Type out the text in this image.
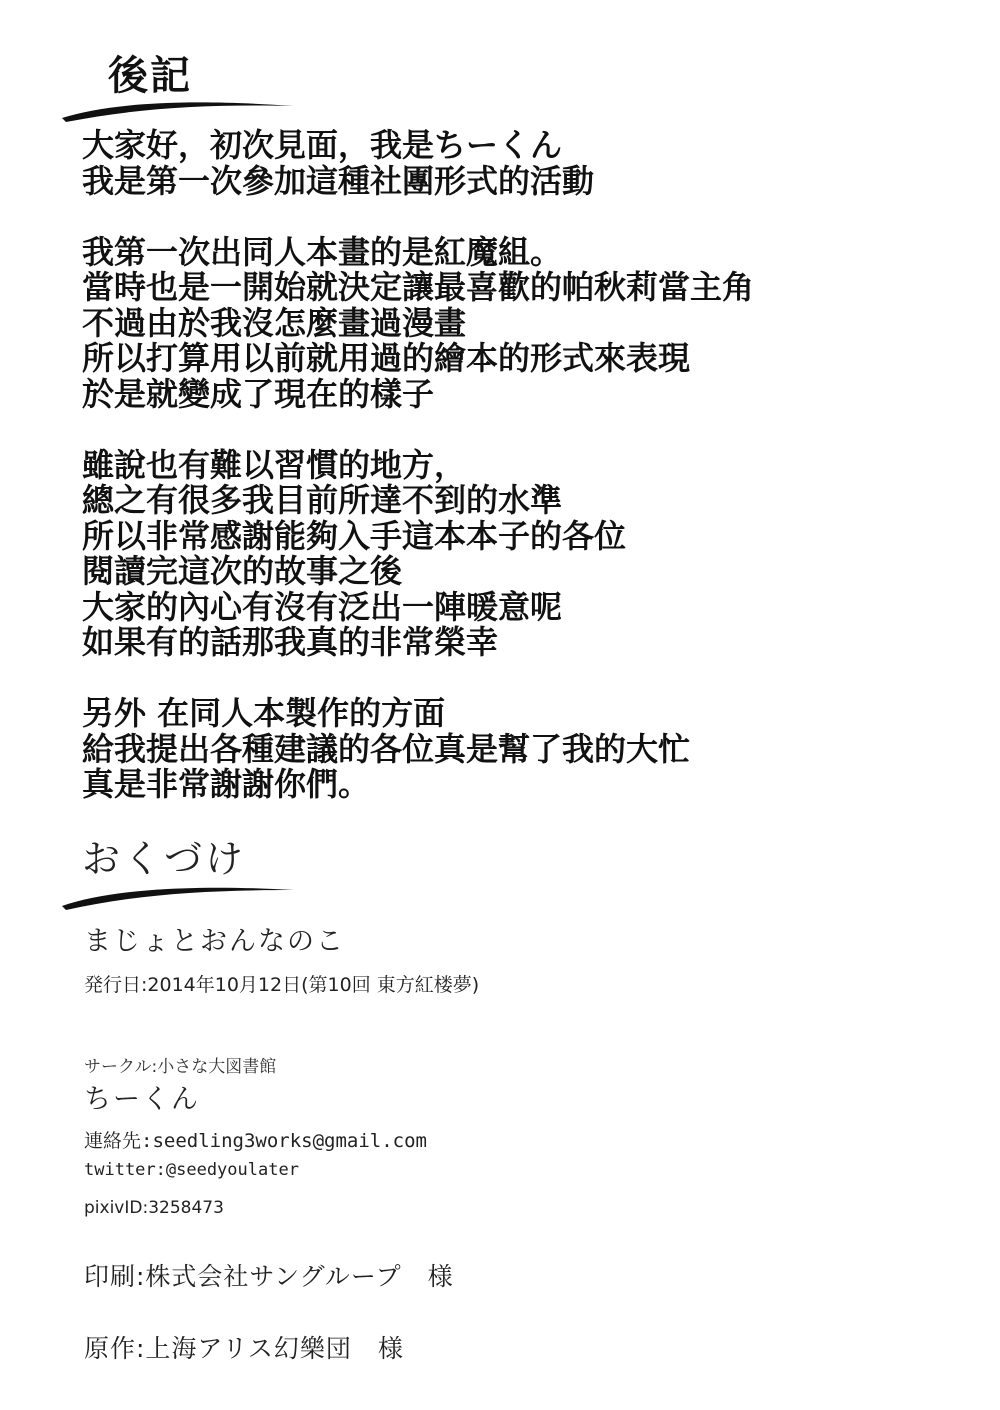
後記
大家好，初次見面，我是ちーくん
我是第一次參加這種社團形式的活動
我第一次出同人本畫的是紅魔組。
當時也是一開始就決定讓最喜歡的帕秋莉當主角
不過由於我沒怎麼畫過漫畫
所以打算用以前就用過的繪本的形式來表現
於是就變成了現在的樣子
雖說也有難以習慣的地方，
總之有很多我目前所達不到的水準
所以非常感謝能夠入手這本本子的各位
閱讀完這次的故事之後
大家的內心有沒有泛出一陣暖意呢
如果有的話那我真的非常榮幸
另外 在同人本製作的方面
給我提出各種建議的各位真是幫了我的大忙
真是非常謝謝你們。
おくづけ
まじょとおんなのこ
発行日:2014年10月12日(第10回 東方紅楼夢)
サークル:小さな大図書館
ちーくん
連絡先:seedling3works@gmail.com
twitter:@seedyoulater
pixivID:3258473
印刷:株式会社サングループ　様
原作:上海アリス幻樂団　様
